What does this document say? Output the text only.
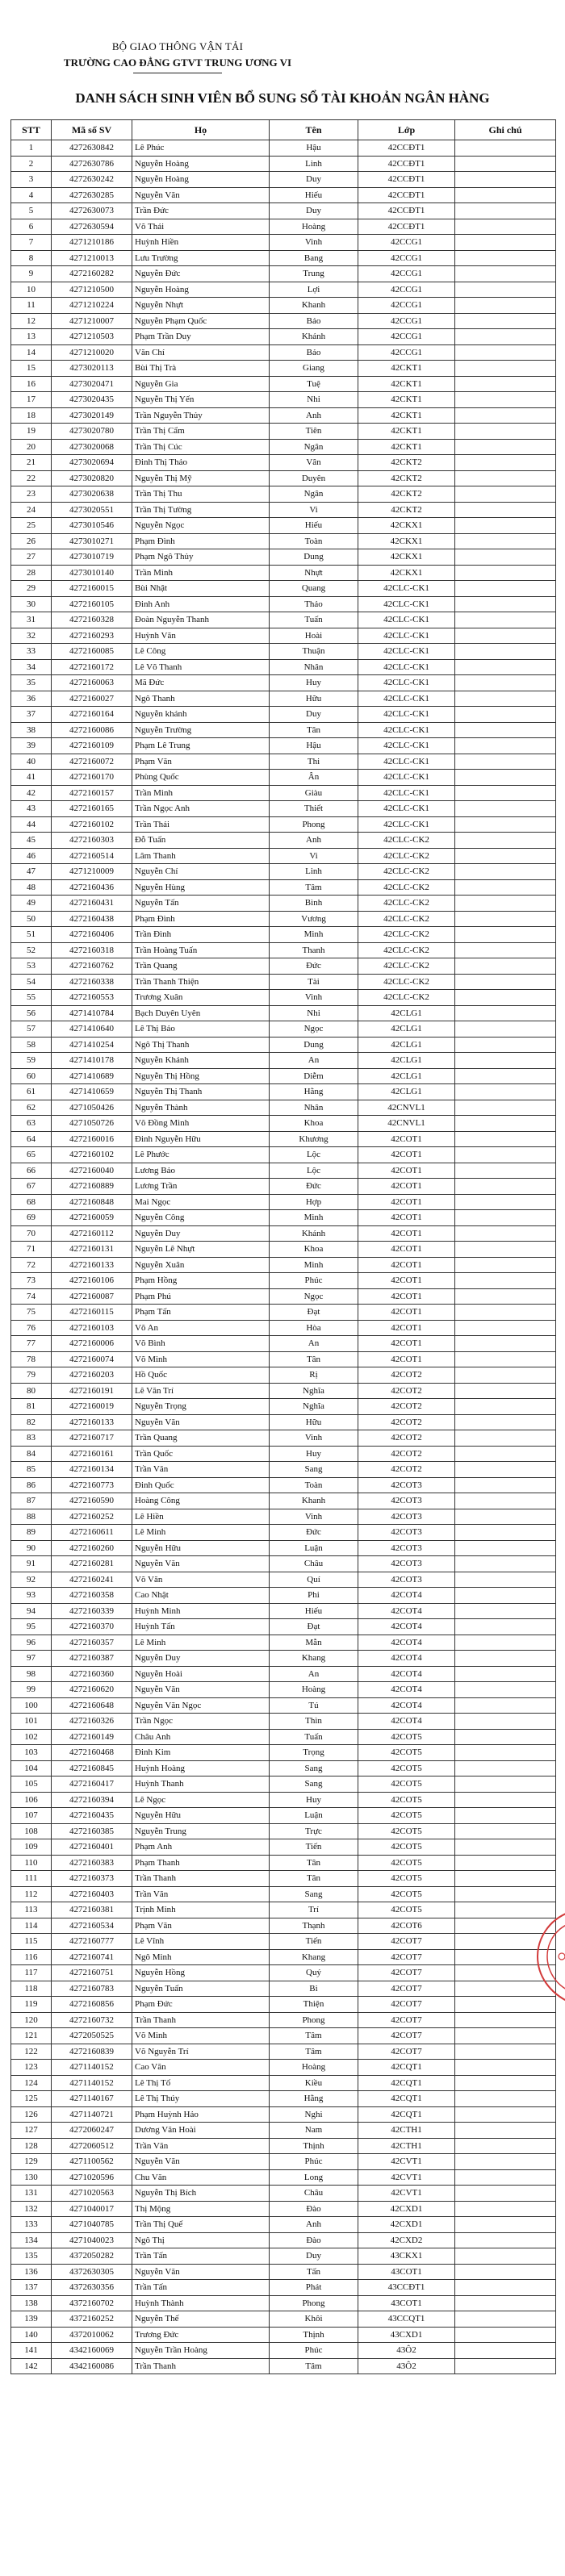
BỘ GIAO THÔNG VẬN TẢI
TRƯỜNG CAO ĐẲNG GTVT TRUNG ƯƠNG VI
DANH SÁCH SINH VIÊN BỔ SUNG SỔ TÀI KHOẢN NGÂN HÀNG
STT	Mã số SV	Họ	Tên	Lớp	Ghi chú
1	4272630842	Lê Phúc	Hậu	42CCĐT1	
2	4272630786	Nguyễn Hoàng	Linh	42CCĐT1	
3	4272630242	Nguyễn Hoàng	Duy	42CCĐT1	
4	4272630285	Nguyễn Văn	Hiếu	42CCĐT1	
5	4272630073	Trần Đức	Duy	42CCĐT1	
6	4272630594	Võ Thái	Hoàng	42CCĐT1	
7	4271210186	Huỳnh Hiền	Vinh	42CCG1	
8	4271210013	Lưu Trường	Bang	42CCG1	
9	4272160282	Nguyễn Đức	Trung	42CCG1	
10	4271210500	Nguyễn Hoàng	Lợi	42CCG1	
11	4271210224	Nguyễn Nhựt	Khanh	42CCG1	
12	4271210007	Nguyễn Phạm Quốc	Bảo	42CCG1	
13	4271210503	Phạm Trần Duy	Khánh	42CCG1	
14	4271210020	Văn Chí	Bảo	42CCG1	
15	4273020113	Bùi Thị Trà	Giang	42CKT1	
16	4273020471	Nguyễn Gia	Tuệ	42CKT1	
17	4273020435	Nguyễn Thị Yến	Nhi	42CKT1	
18	4273020149	Trần Nguyễn Thủy	Anh	42CKT1	
19	4273020780	Trần Thị Cẩm	Tiên	42CKT1	
20	4273020068	Trần Thị Cúc	Ngân	42CKT1	
21	4273020694	Đinh Thị Thảo	Vân	42CKT2	
22	4273020820	Nguyễn Thị Mỹ	Duyên	42CKT2	
23	4273020638	Trần Thị Thu	Ngân	42CKT2	
24	4273020551	Trần Thị Tường	Vi	42CKT2	
25	4273010546	Nguyễn Ngọc	Hiếu	42CKX1	
26	4273010271	Phạm Đình	Toàn	42CKX1	
27	4273010719	Phạm Ngô Thủy	Dung	42CKX1	
28	4273010140	Trần Minh	Nhựt	42CKX1	
29	4272160015	Bùi Nhật	Quang	42CLC-CK1	
30	4272160105	Đinh Anh	Thảo	42CLC-CK1	
31	4272160328	Đoàn Nguyễn Thanh	Tuấn	42CLC-CK1	
32	4272160293	Huỳnh Văn	Hoài	42CLC-CK1	
33	4272160085	Lê Công	Thuận	42CLC-CK1	
34	4272160172	Lê Võ Thanh	Nhân	42CLC-CK1	
35	4272160063	Mã Đức	Huy	42CLC-CK1	
36	4272160027	Ngô Thanh	Hữu	42CLC-CK1	
37	4272160164	Nguyễn khánh	Duy	42CLC-CK1	
38	4272160086	Nguyễn Trường	Tân	42CLC-CK1	
39	4272160109	Phạm Lê Trung	Hậu	42CLC-CK1	
40	4272160072	Phạm Văn	Thi	42CLC-CK1	
41	4272160170	Phùng Quốc	Ân	42CLC-CK1	
42	4272160157	Trần Minh	Giàu	42CLC-CK1	
43	4272160165	Trần Ngọc Anh	Thiết	42CLC-CK1	
44	4272160102	Trần Thái	Phong	42CLC-CK1	
45	4272160303	Đỗ Tuấn	Anh	42CLC-CK2	
46	4272160514	Lâm Thanh	Vi	42CLC-CK2	
47	4271210009	Nguyễn Chí	Linh	42CLC-CK2	
48	4272160436	Nguyễn Hùng	Tâm	42CLC-CK2	
49	4272160431	Nguyễn Tấn	Bình	42CLC-CK2	
50	4272160438	Phạm Đình	Vương	42CLC-CK2	
51	4272160406	Trần Đình	Minh	42CLC-CK2	
52	4272160318	Trần Hoàng Tuấn	Thanh	42CLC-CK2	
53	4272160762	Trần Quang	Đức	42CLC-CK2	
54	4272160338	Trần Thanh Thiện	Tài	42CLC-CK2	
55	4272160553	Trương Xuân	Vinh	42CLC-CK2	
56	4271410784	Bạch Duyên Uyên	Nhi	42CLG1	
57	4271410640	Lê Thị Bảo	Ngọc	42CLG1	
58	4271410254	Ngô Thị Thanh	Dung	42CLG1	
59	4271410178	Nguyễn Khánh	An	42CLG1	
60	4271410689	Nguyễn Thị Hồng	Diễm	42CLG1	
61	4271410659	Nguyễn Thị Thanh	Hằng	42CLG1	
62	4271050426	Nguyễn Thành	Nhân	42CNVL1	
63	4271050726	Võ Đồng Minh	Khoa	42CNVL1	
64	4272160016	Đinh Nguyễn Hữu	Khương	42COT1	
65	4272160102	Lê Phước	Lộc	42COT1	
66	4272160040	Lương Bảo	Lộc	42COT1	
67	4272160889	Lương Trần	Đức	42COT1	
68	4272160848	Mai Ngọc	Hợp	42COT1	
69	4272160059	Nguyễn Công	Minh	42COT1	
70	4272160112	Nguyễn Duy	Khánh	42COT1	
71	4272160131	Nguyễn Lê Nhựt	Khoa	42COT1	
72	4272160133	Nguyễn Xuân	Minh	42COT1	
73	4272160106	Phạm Hồng	Phúc	42COT1	
74	4272160087	Phạm Phú	Ngọc	42COT1	
75	4272160115	Phạm Tấn	Đạt	42COT1	
76	4272160103	Võ An	Hòa	42COT1	
77	4272160006	Võ Bình	An	42COT1	
78	4272160074	Võ Minh	Tân	42COT1	
79	4272160203	Hồ Quốc	Rị	42COT2	
80	4272160191	Lê Văn Trí	Nghĩa	42COT2	
81	4272160019	Nguyễn Trọng	Nghĩa	42COT2	
82	4272160133	Nguyễn Văn	Hữu	42COT2	
83	4272160717	Trần Quang	Vinh	42COT2	
84	4272160161	Trần Quốc	Huy	42COT2	
85	4272160134	Trần Văn	Sang	42COT2	
86	4272160773	Đinh Quốc	Toàn	42COT3	
87	4272160590	Hoàng Công	Khanh	42COT3	
88	4272160252	Lê Hiền	Vinh	42COT3	
89	4272160611	Lê Minh	Đức	42COT3	
90	4272160260	Nguyễn Hữu	Luận	42COT3	
91	4272160281	Nguyễn Văn	Châu	42COT3	
92	4272160241	Võ Văn	Quí	42COT3	
93	4272160358	Cao Nhật	Phi	42COT4	
94	4272160339	Huỳnh Minh	Hiếu	42COT4	
95	4272160370	Huỳnh Tấn	Đạt	42COT4	
96	4272160357	Lê Minh	Mẫn	42COT4	
97	4272160387	Nguyễn Duy	Khang	42COT4	
98	4272160360	Nguyễn Hoài	An	42COT4	
99	4272160620	Nguyễn Văn	Hoàng	42COT4	
100	4272160648	Nguyễn Văn Ngọc	Tú	42COT4	
101	4272160326	Trần Ngọc	Thìn	42COT4	
102	4272160149	Châu Anh	Tuấn	42COT5	
103	4272160468	Đinh Kim	Trọng	42COT5	
104	4272160845	Huỳnh Hoàng	Sang	42COT5	
105	4272160417	Huỳnh Thanh	Sang	42COT5	
106	4272160394	Lê Ngọc	Huy	42COT5	
107	4272160435	Nguyễn Hữu	Luận	42COT5	
108	4272160385	Nguyễn Trung	Trực	42COT5	
109	4272160401	Phạm Anh	Tiến	42COT5	
110	4272160383	Phạm Thanh	Tân	42COT5	
111	4272160373	Trần Thanh	Tân	42COT5	
112	4272160403	Trần Văn	Sang	42COT5	
113	4272160381	Trịnh Minh	Trí	42COT5	
114	4272160534	Phạm Văn	Thạnh	42COT6	
115	4272160777	Lê Vĩnh	Tiến	42COT7	
116	4272160741	Ngô Minh	Khang	42COT7	
117	4272160751	Nguyễn Hồng	Quý	42COT7	
118	4272160783	Nguyễn Tuấn	Bi	42COT7	
119	4272160856	Phạm Đức	Thiện	42COT7	
120	4272160732	Trần Thanh	Phong	42COT7	
121	4272050525	Võ Minh	Tâm	42COT7	
122	4272160839	Võ Nguyễn Trí	Tâm	42COT7	
123	4271140152	Cao Văn	Hoàng	42CQT1	
124	4271140152	Lê Thị Tố	Kiều	42CQT1	
125	4271140167	Lê Thị Thúy	Hằng	42CQT1	
126	4271140721	Phạm Huỳnh Hảo	Nghi	42CQT1	
127	4272060247	Dương Văn Hoài	Nam	42CTH1	
128	4272060512	Trần Văn	Thịnh	42CTH1	
129	4271100562	Nguyễn Văn	Phúc	42CVT1	
130	4271020596	Chu Văn	Long	42CVT1	
131	4271020563	Nguyễn Thị Bích	Châu	42CVT1	
132	4271040017	Thị Mộng	Đào	42CXD1	
133	4271040785	Trần Thị Quế	Anh	42CXD1	
134	4271040023	Ngô Thị	Đào	42CXD2	
135	4372050282	Trần Tấn	Duy	43CKX1	
136	4372630305	Nguyễn Văn	Tấn	43COT1	
137	4372630356	Trần Tấn	Phát	43CCĐT1	
138	4372160702	Huỳnh Thành	Phong	43COT1	
139	4372160252	Nguyễn Thế	Khôi	43CCQT1	
140	4372010062	Trương Đức	Thịnh	43CXD1	
141	4342160069	Nguyễn Trần Hoàng	Phúc	43Ô2	
142	4342160086	Trần Thanh	Tâm	43Ô2	
